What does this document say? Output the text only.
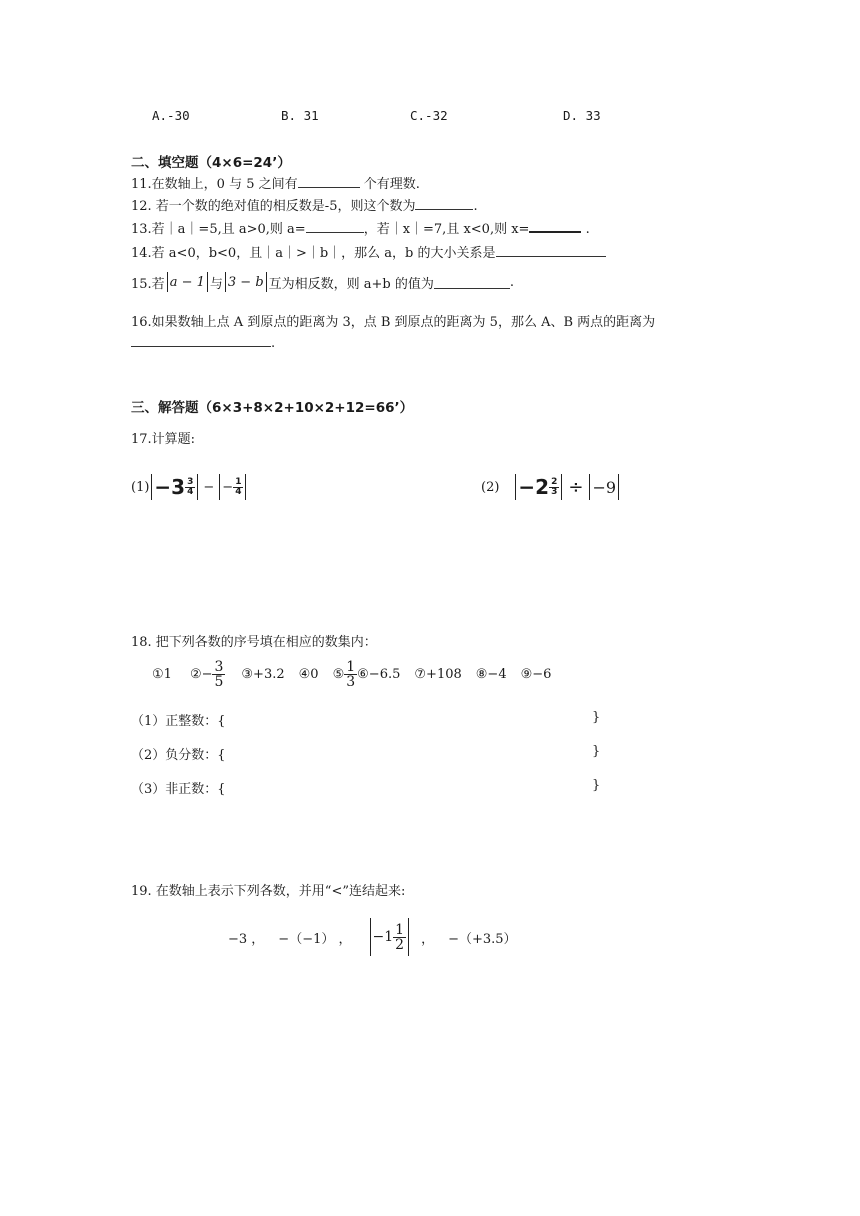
A.-30	B. 31	C.-32	D. 33
二、填空题（4×6=24’）
11.在数轴上，0 与 5 之间有	个有理数.
12. 若一个数的绝对值的相反数是-5，则这个数为	.
13.若｜a｜=5,且 a>0,则 a=	，若｜x｜=7,且 x<0,则 x=	.
14.若 a<0，b<0，且｜a｜>｜b｜，那么 a，b 的大小关系是
15.若 a − 1 与 3 − b 互为相反数，则 a+b 的值为	.
16.如果数轴上点 A 到原点的距离为 3，点 B 到原点的距离为 5，那么 A、B 两点的距离为
.
三、解答题（6×3+8×2+10×2+12=66’）
17.计算题:
$(1) -3 \frac{3}{4}$ − − $\frac{1}{4}$	$(2) -2 \frac{2}{3} \div -9$
18. 把下列各数的序号填在相应的数集内：
①1 ②− $\frac{3}{5}$ ③+3.2 ④0 ⑤ $\frac{1}{3}$ ⑥−6.5 ⑦+108 ⑧−4 ⑨−6
（1）正整数：{	}
（2）负分数：{	}
（3）非正数：{	}
19. 在数轴上表示下列各数，并用“<”连结起来:
−3 ， −（−1） ， $-1 \frac{1}{2}$ ， −（+3.5）
